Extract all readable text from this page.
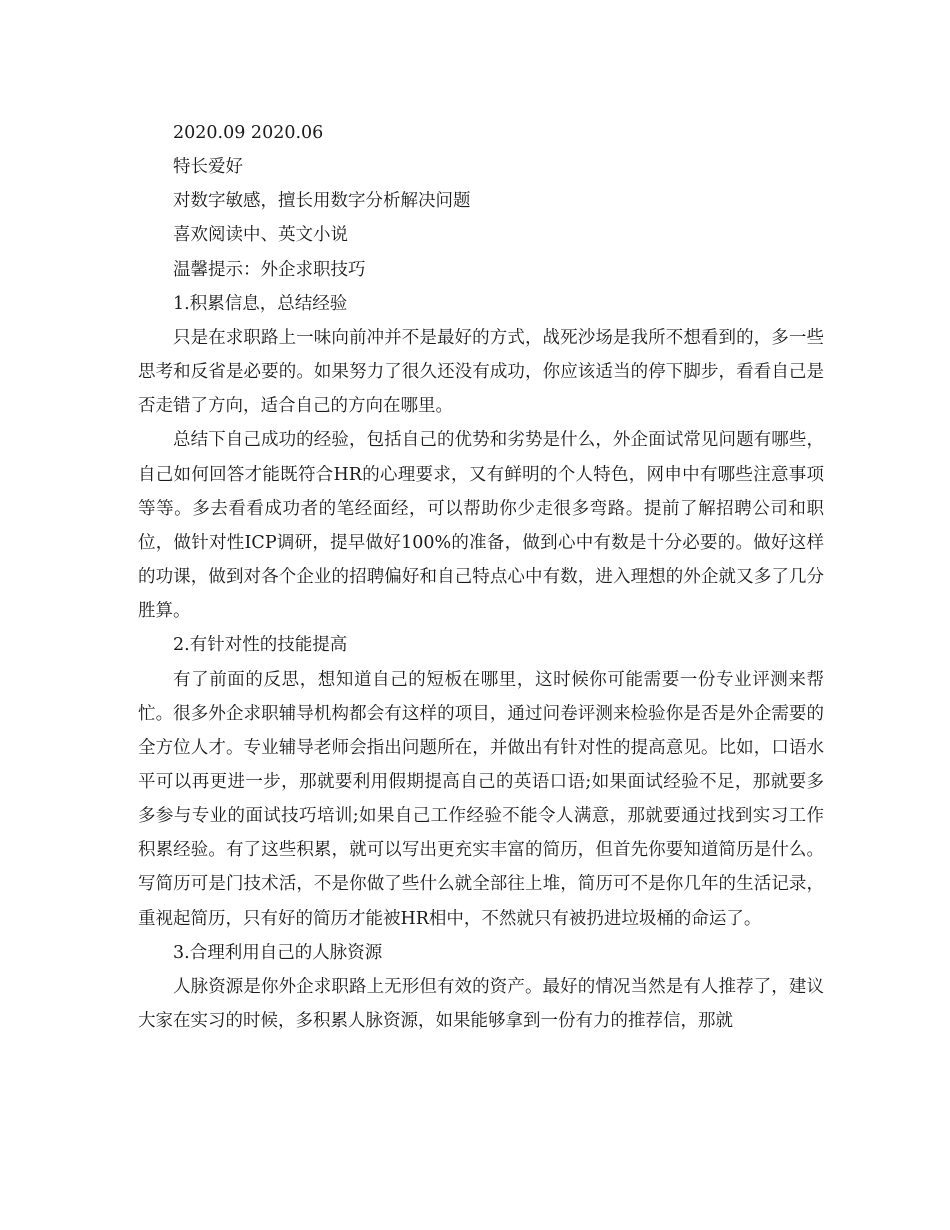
2020.09 2020.06

特长爱好

对数字敏感，擅长用数字分析解决问题

喜欢阅读中、英文小说

温馨提示：外企求职技巧

1.积累信息，总结经验

只是在求职路上一味向前冲并不是最好的方式，战死沙场是我所不想看到的，多一些思考和反省是必要的。如果努力了很久还没有成功，你应该适当的停下脚步，看看自己是否走错了方向，适合自己的方向在哪里。

总结下自己成功的经验，包括自己的优势和劣势是什么，外企面试常见问题有哪些，自己如何回答才能既符合HR的心理要求，又有鲜明的个人特色，网申中有哪些注意事项等等。多去看看成功者的笔经面经，可以帮助你少走很多弯路。提前了解招聘公司和职位，做针对性ICP调研，提早做好100%的准备，做到心中有数是十分必要的。做好这样的功课，做到对各个企业的招聘偏好和自己特点心中有数，进入理想的外企就又多了几分胜算。

2.有针对性的技能提高

有了前面的反思，想知道自己的短板在哪里，这时候你可能需要一份专业评测来帮忙。很多外企求职辅导机构都会有这样的项目，通过问卷评测来检验你是否是外企需要的全方位人才。专业辅导老师会指出问题所在，并做出有针对性的提高意见。比如，口语水平可以再更进一步，那就要利用假期提高自己的英语口语;如果面试经验不足，那就要多多参与专业的面试技巧培训;如果自己工作经验不能令人满意，那就要通过找到实习工作积累经验。有了这些积累，就可以写出更充实丰富的简历，但首先你要知道简历是什么。写简历可是门技术活，不是你做了些什么就全部往上堆，简历可不是你几年的生活记录，重视起简历，只有好的简历才能被HR相中，不然就只有被扔进垃圾桶的命运了。

3.合理利用自己的人脉资源

人脉资源是你外企求职路上无形但有效的资产。最好的情况当然是有人推荐了，建议大家在实习的时候，多积累人脉资源，如果能够拿到一份有力的推荐信，那就
